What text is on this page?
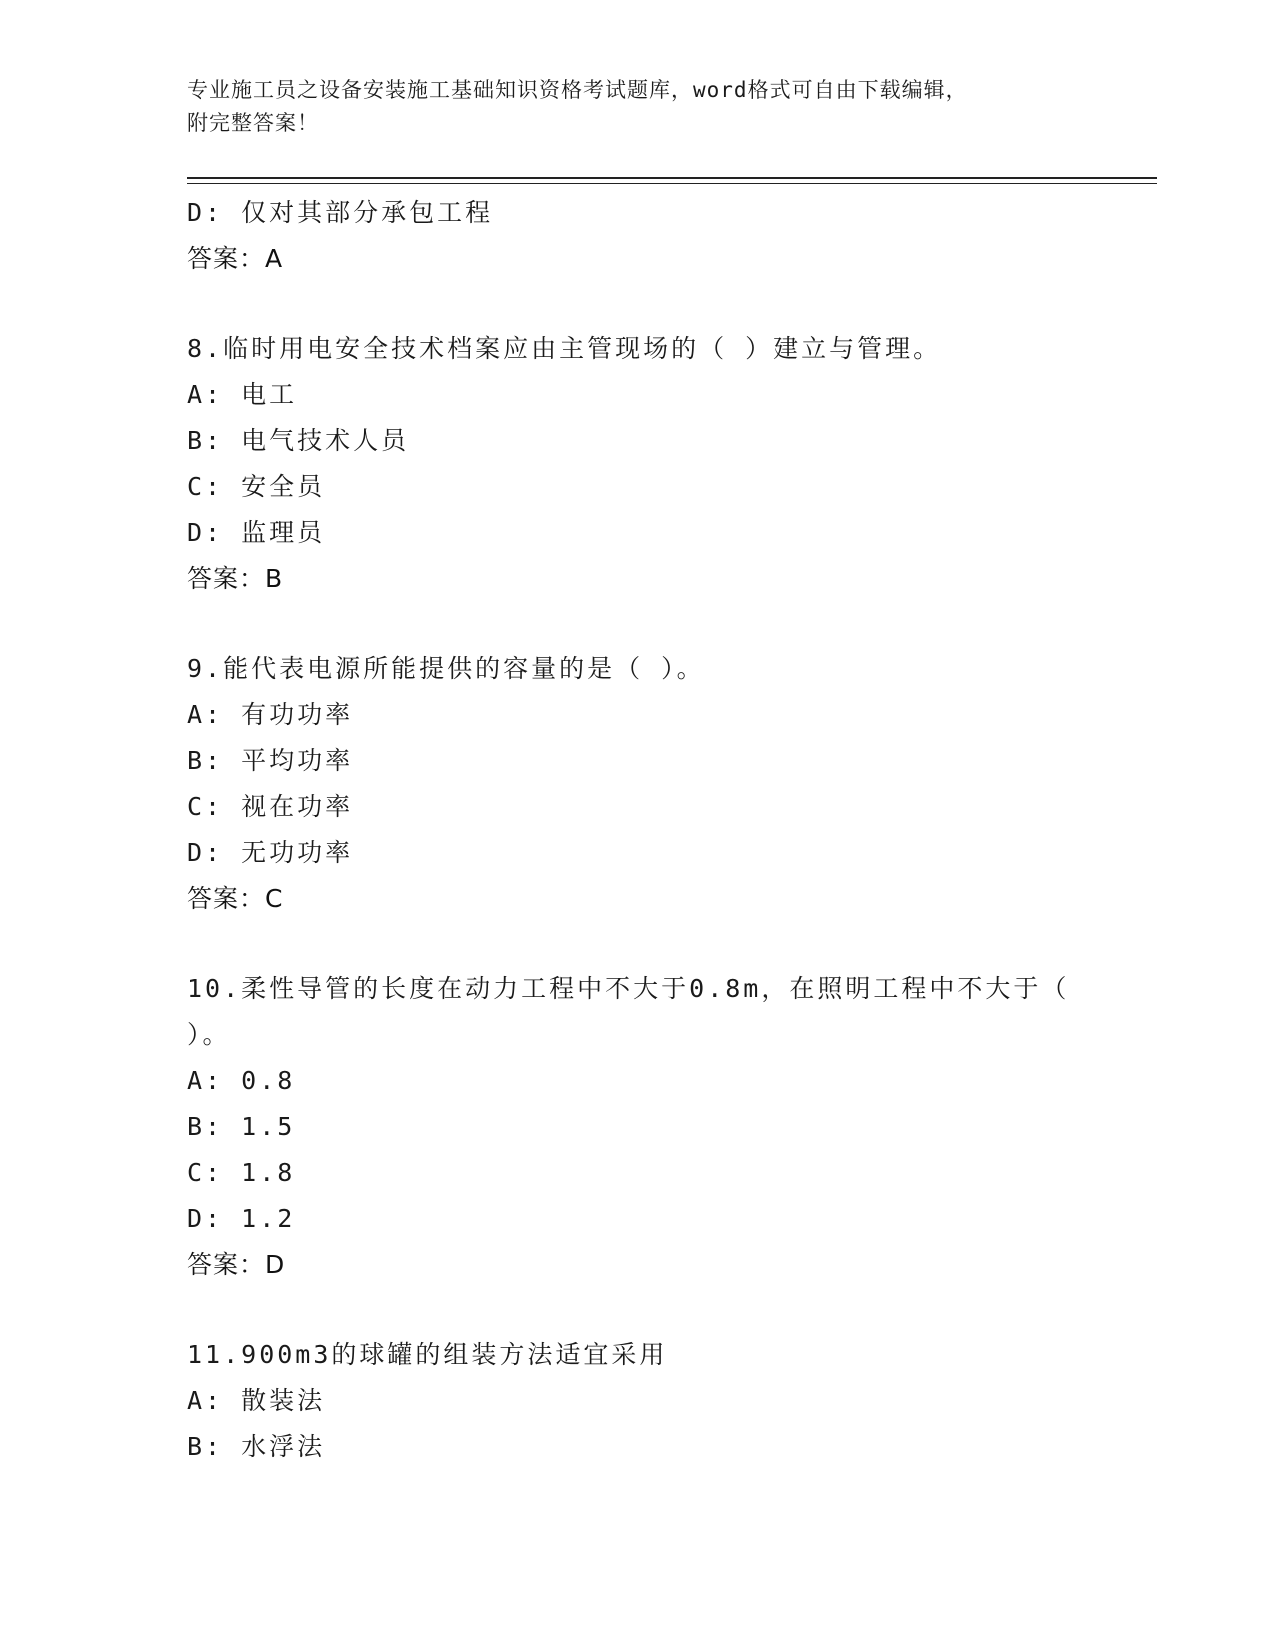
专业施工员之设备安装施工基础知识资格考试题库，word格式可自由下载编辑，
附完整答案！
D: 仅对其部分承包工程
答案：A
8.临时用电安全技术档案应由主管现场的（ ）建立与管理。
A: 电工
B: 电气技术人员
C: 安全员
D: 监理员
答案：B
9.能代表电源所能提供的容量的是（ ）。
A: 有功功率
B: 平均功率
C: 视在功率
D: 无功功率
答案：C
10.柔性导管的长度在动力工程中不大于0.8m，在照明工程中不大于（
）。
A: 0.8
B: 1.5
C: 1.8
D: 1.2
答案：D
11.900m3的球罐的组装方法适宜采用
A: 散装法
B: 水浮法
